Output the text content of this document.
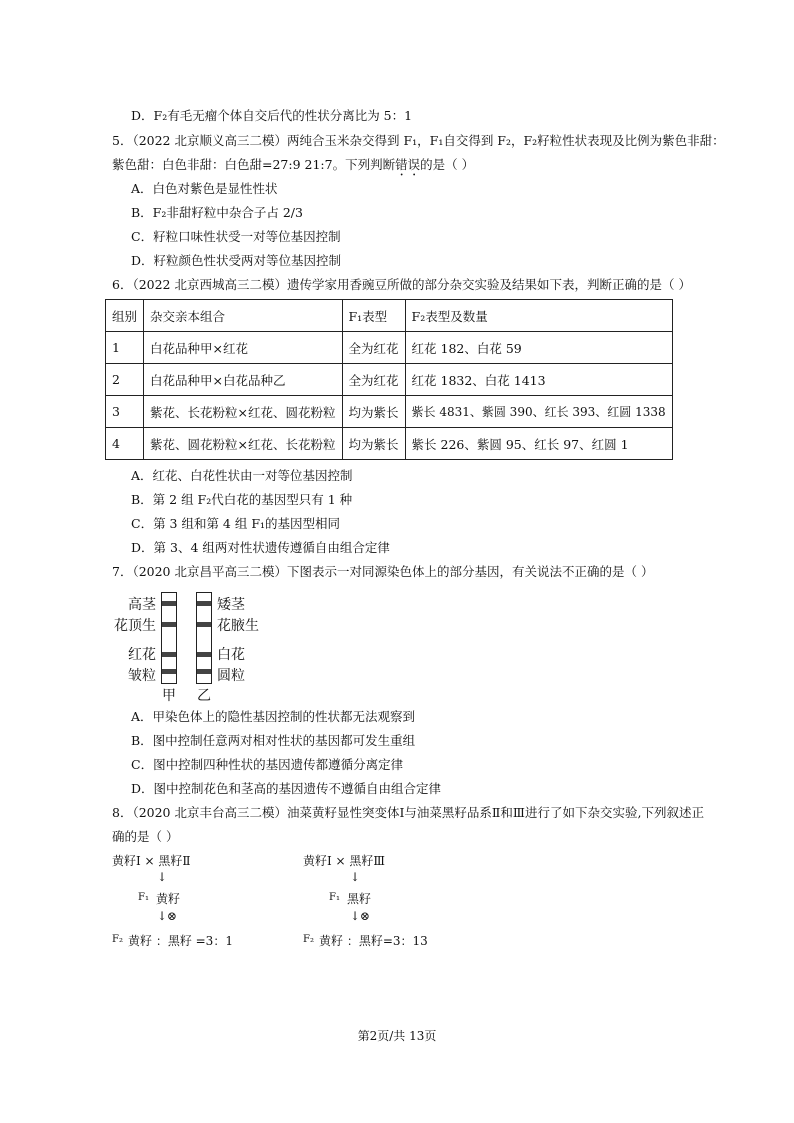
D．F₂有毛无瘤个体自交后代的性状分离比为 5：1
5．（2022 北京顺义高三二模）两纯合玉米杂交得到 F₁，F₁自交得到 F₂，F₂籽粒性状表现及比例为紫色非甜：
紫色甜：白色非甜：白色甜=27:9 21:7。下列判断错误的是（ ）
A．白色对紫色是显性性状
B．F₂非甜籽粒中杂合子占 2/3
C．籽粒口味性状受一对等位基因控制
D．籽粒颜色性状受两对等位基因控制
6．（2022 北京西城高三二模）遗传学家用香豌豆所做的部分杂交实验及结果如下表，判断正确的是（ ）
组别	杂交亲本组合	F₁表型	F₂表型及数量
1	白花品种甲×红花	全为红花	红花 182、白花 59
2	白花品种甲×白花品种乙	全为红花	红花 1832、白花 1413
3	紫花、长花粉粒×红花、圆花粉粒	均为紫长	紫长 4831、紫圆 390、红长 393、红圆 1338
4	紫花、圆花粉粒×红花、长花粉粒	均为紫长	紫长 226、紫圆 95、红长 97、红圆 1
A．红花、白花性状由一对等位基因控制
B．第 2 组 F₂代白花的基因型只有 1 种
C．第 3 组和第 4 组 F₁的基因型相同
D．第 3、4 组两对性状遗传遵循自由组合定律
7．（2020 北京昌平高三二模）下图表示一对同源染色体上的部分基因，有关说法不正确的是（ ）
高茎
花顶生
红花
皱粒
矮茎
花腋生
白花
圆粒
甲 乙
A．甲染色体上的隐性基因控制的性状都无法观察到
B．图中控制任意两对相对性状的基因都可发生重组
C．图中控制四种性状的基因遗传都遵循分离定律
D．图中控制花色和茎高的基因遗传不遵循自由组合定律
8．（2020 北京丰台高三二模）油菜黄籽显性突变体Ⅰ与油菜黑籽品系Ⅱ和Ⅲ进行了如下杂交实验,下列叙述正
确的是（ ）
黄籽Ⅰ × 黑籽Ⅱ
↓
F₁ 黄籽
↓⊗
F₂ 黄籽 ：黑籽 =3：1
黄籽Ⅰ × 黑籽Ⅲ
↓
F₁ 黑籽
↓⊗
F₂ 黄籽 ：黑籽=3：13
第2页/共 13页
